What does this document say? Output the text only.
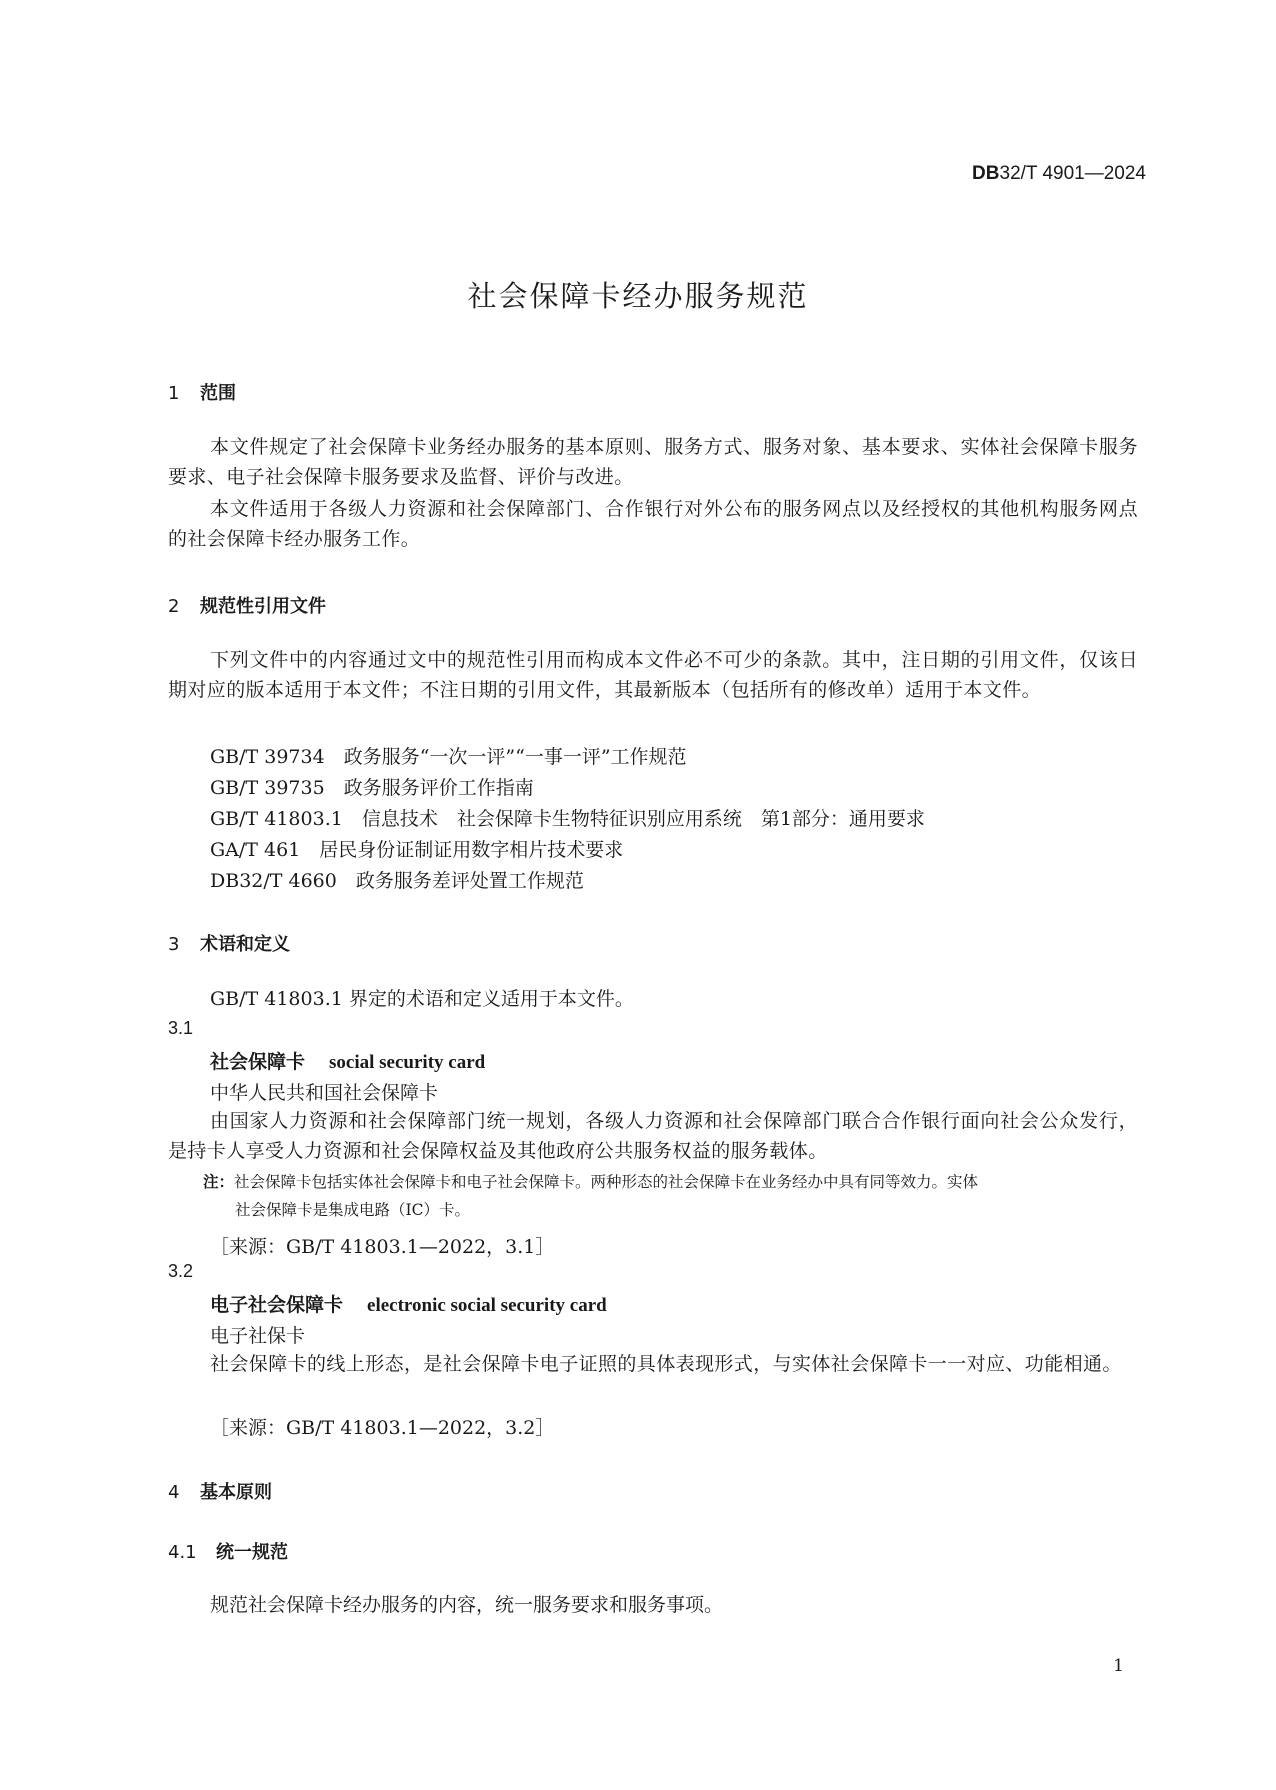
DB32/T 4901—2024
社会保障卡经办服务规范
1 范围
本文件规定了社会保障卡业务经办服务的基本原则、服务方式、服务对象、基本要求、实体社会保障卡服务要求、电子社会保障卡服务要求及监督、评价与改进。
本文件适用于各级人力资源和社会保障部门、合作银行对外公布的服务网点以及经授权的其他机构服务网点的社会保障卡经办服务工作。
2 规范性引用文件
下列文件中的内容通过文中的规范性引用而构成本文件必不可少的条款。其中，注日期的引用文件，仅该日期对应的版本适用于本文件；不注日期的引用文件，其最新版本（包括所有的修改单）适用于本文件。
GB/T 39734　政务服务“一次一评”“一事一评”工作规范
GB/T 39735　政务服务评价工作指南
GB/T 41803.1　信息技术　社会保障卡生物特征识别应用系统　第1部分：通用要求
GA/T 461　居民身份证制证用数字相片技术要求
DB32/T 4660　政务服务差评处置工作规范
3 术语和定义
GB/T 41803.1 界定的术语和定义适用于本文件。
3.1
社会保障卡 social security card
中华人民共和国社会保障卡
由国家人力资源和社会保障部门统一规划，各级人力资源和社会保障部门联合合作银行面向社会公众发行，是持卡人享受人力资源和社会保障权益及其他政府公共服务权益的服务载体。
注：社会保障卡包括实体社会保障卡和电子社会保障卡。两种形态的社会保障卡在业务经办中具有同等效力。实体
社会保障卡是集成电路（IC）卡。
［来源：GB/T 41803.1—2022，3.1］
3.2
电子社会保障卡 electronic social security card
电子社保卡
社会保障卡的线上形态，是社会保障卡电子证照的具体表现形式，与实体社会保障卡一一对应、功能相通。
［来源：GB/T 41803.1—2022，3.2］
4 基本原则
4.1 统一规范
规范社会保障卡经办服务的内容，统一服务要求和服务事项。
1
